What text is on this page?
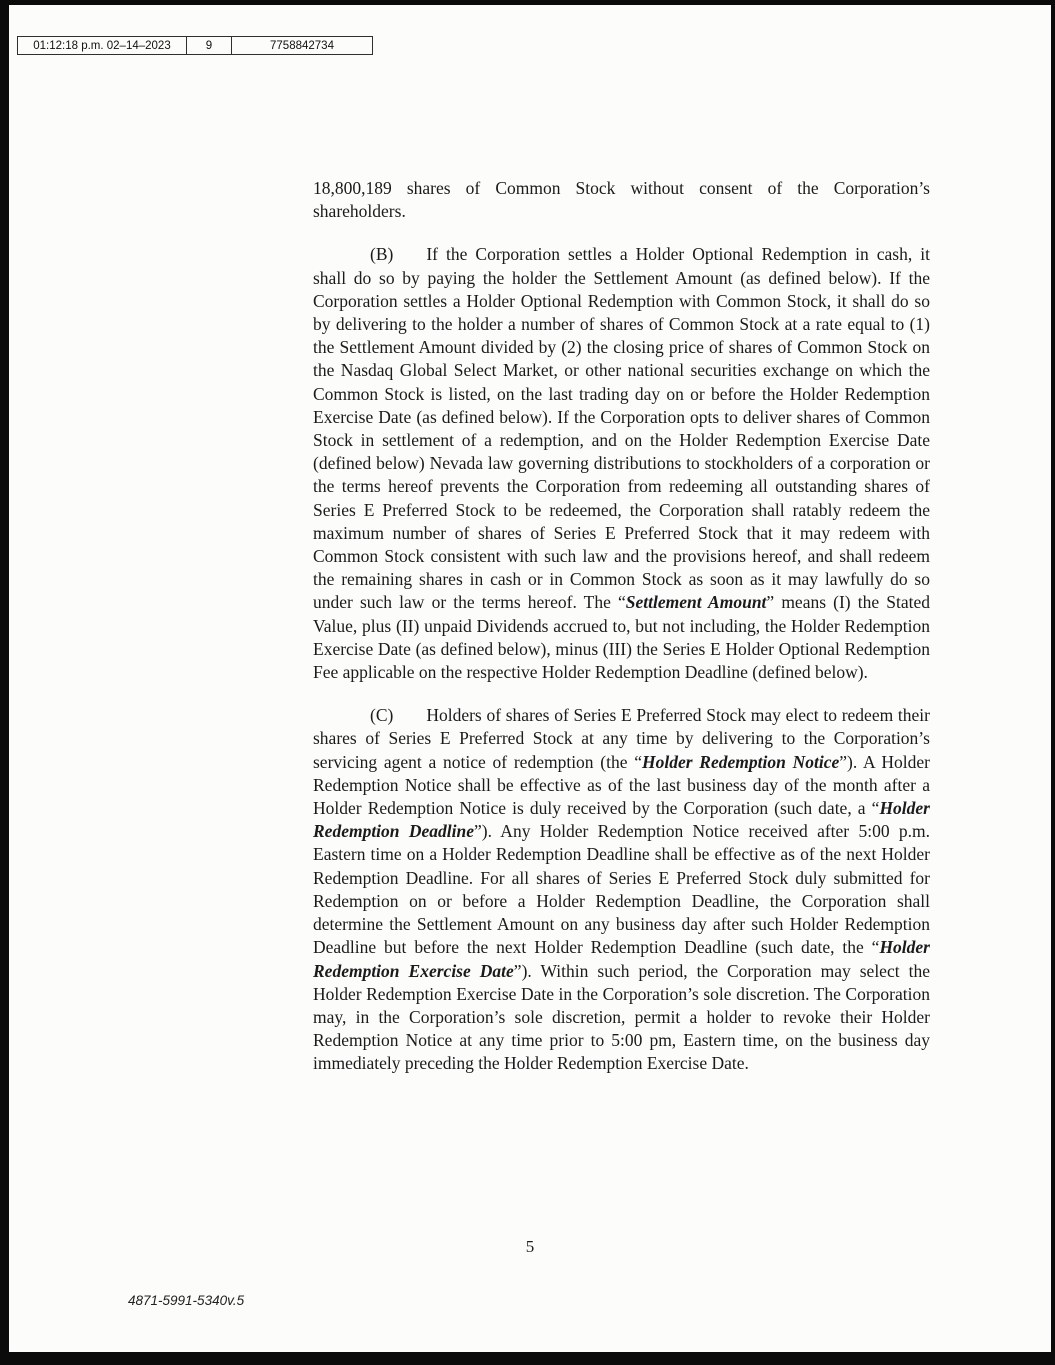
01:12:18 p.m. 02–14–2023	9	7758842734

18,800,189 shares of Common Stock without consent of the Corporation’s shareholders.

(B) If the Corporation settles a Holder Optional Redemption in cash, it shall do so by paying the holder the Settlement Amount (as defined below). If the Corporation settles a Holder Optional Redemption with Common Stock, it shall do so by delivering to the holder a number of shares of Common Stock at a rate equal to (1) the Settlement Amount divided by (2) the closing price of shares of Common Stock on the Nasdaq Global Select Market, or other national securities exchange on which the Common Stock is listed, on the last trading day on or before the Holder Redemption Exercise Date (as defined below). If the Corporation opts to deliver shares of Common Stock in settlement of a redemption, and on the Holder Redemption Exercise Date (defined below) Nevada law governing distributions to stockholders of a corporation or the terms hereof prevents the Corporation from redeeming all outstanding shares of Series E Preferred Stock to be redeemed, the Corporation shall ratably redeem the maximum number of shares of Series E Preferred Stock that it may redeem with Common Stock consistent with such law and the provisions hereof, and shall redeem the remaining shares in cash or in Common Stock as soon as it may lawfully do so under such law or the terms hereof. The “Settlement Amount” means (I) the Stated Value, plus (II) unpaid Dividends accrued to, but not including, the Holder Redemption Exercise Date (as defined below), minus (III) the Series E Holder Optional Redemption Fee applicable on the respective Holder Redemption Deadline (defined below).

(C) Holders of shares of Series E Preferred Stock may elect to redeem their shares of Series E Preferred Stock at any time by delivering to the Corporation’s servicing agent a notice of redemption (the “Holder Redemption Notice”). A Holder Redemption Notice shall be effective as of the last business day of the month after a Holder Redemption Notice is duly received by the Corporation (such date, a “Holder Redemption Deadline”). Any Holder Redemption Notice received after 5:00 p.m. Eastern time on a Holder Redemption Deadline shall be effective as of the next Holder Redemption Deadline. For all shares of Series E Preferred Stock duly submitted for Redemption on or before a Holder Redemption Deadline, the Corporation shall determine the Settlement Amount on any business day after such Holder Redemption Deadline but before the next Holder Redemption Deadline (such date, the “Holder Redemption Exercise Date”). Within such period, the Corporation may select the Holder Redemption Exercise Date in the Corporation’s sole discretion. The Corporation may, in the Corporation’s sole discretion, permit a holder to revoke their Holder Redemption Notice at any time prior to 5:00 pm, Eastern time, on the business day immediately preceding the Holder Redemption Exercise Date.

5
4871-5991-5340v.5
